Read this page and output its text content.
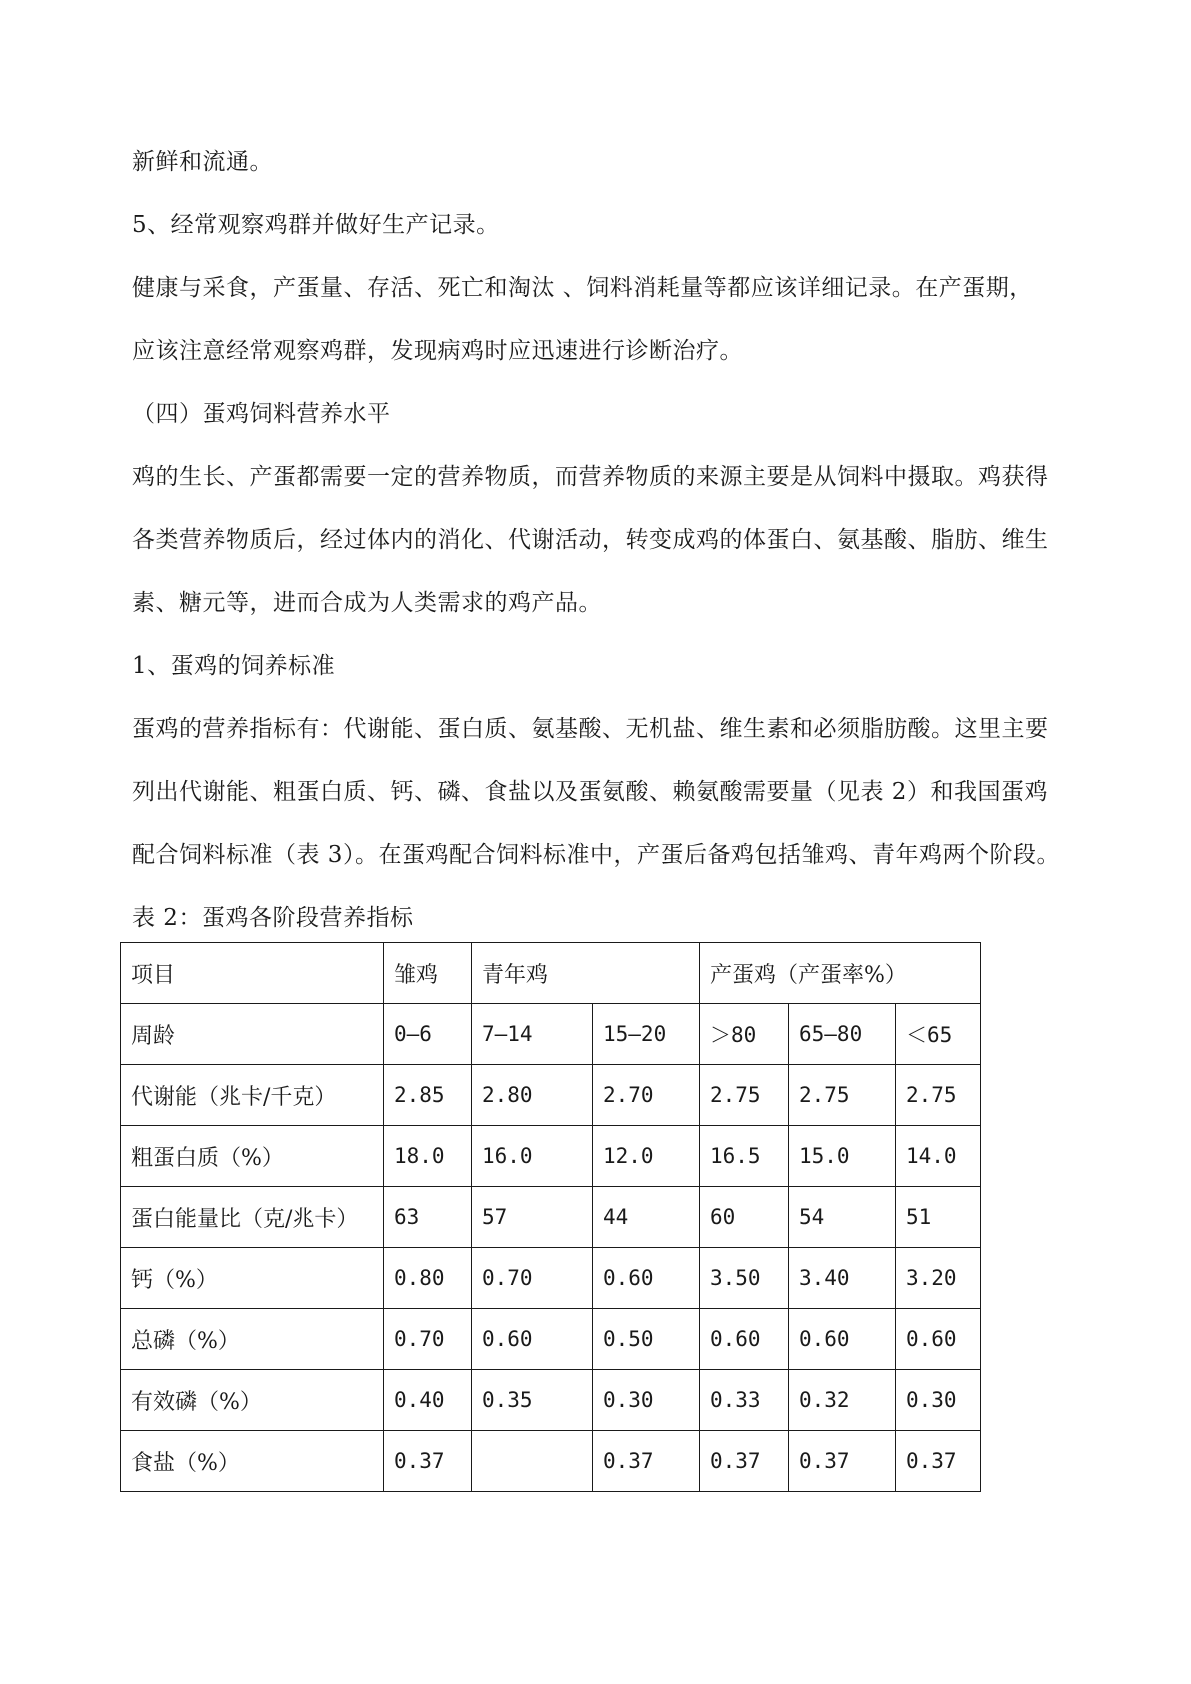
新鲜和流通。
5、经常观察鸡群并做好生产记录。
健康与采食，产蛋量、存活、死亡和淘汰 、饲料消耗量等都应该详细记录。在产蛋期，
应该注意经常观察鸡群，发现病鸡时应迅速进行诊断治疗。
（四）蛋鸡饲料营养水平
鸡的生长、产蛋都需要一定的营养物质，而营养物质的来源主要是从饲料中摄取。鸡获得
各类营养物质后，经过体内的消化、代谢活动，转变成鸡的体蛋白、氨基酸、脂肪、维生
素、糖元等，进而合成为人类需求的鸡产品。
1、蛋鸡的饲养标准
蛋鸡的营养指标有：代谢能、蛋白质、氨基酸、无机盐、维生素和必须脂肪酸。这里主要
列出代谢能、粗蛋白质、钙、磷、食盐以及蛋氨酸、赖氨酸需要量（见表 2）和我国蛋鸡
配合饲料标准（表 3）。在蛋鸡配合饲料标准中，产蛋后备鸡包括雏鸡、青年鸡两个阶段。
表 2：蛋鸡各阶段营养指标
项目	雏鸡	青年鸡		产蛋鸡（产蛋率%）		
周龄	0—6	7—14	15—20	＞80	65—80	＜65
代谢能（兆卡/千克）	2.85	2.80	2.70	2.75	2.75	2.75
粗蛋白质（%）	18.0	16.0	12.0	16.5	15.0	14.0
蛋白能量比（克/兆卡）	63	57	44	60	54	51
钙（%）	0.80	0.70	0.60	3.50	3.40	3.20
总磷（%）	0.70	0.60	0.50	0.60	0.60	0.60
有效磷（%）	0.40	0.35	0.30	0.33	0.32	0.30
食盐（%）	0.37		0.37	0.37	0.37	0.37
